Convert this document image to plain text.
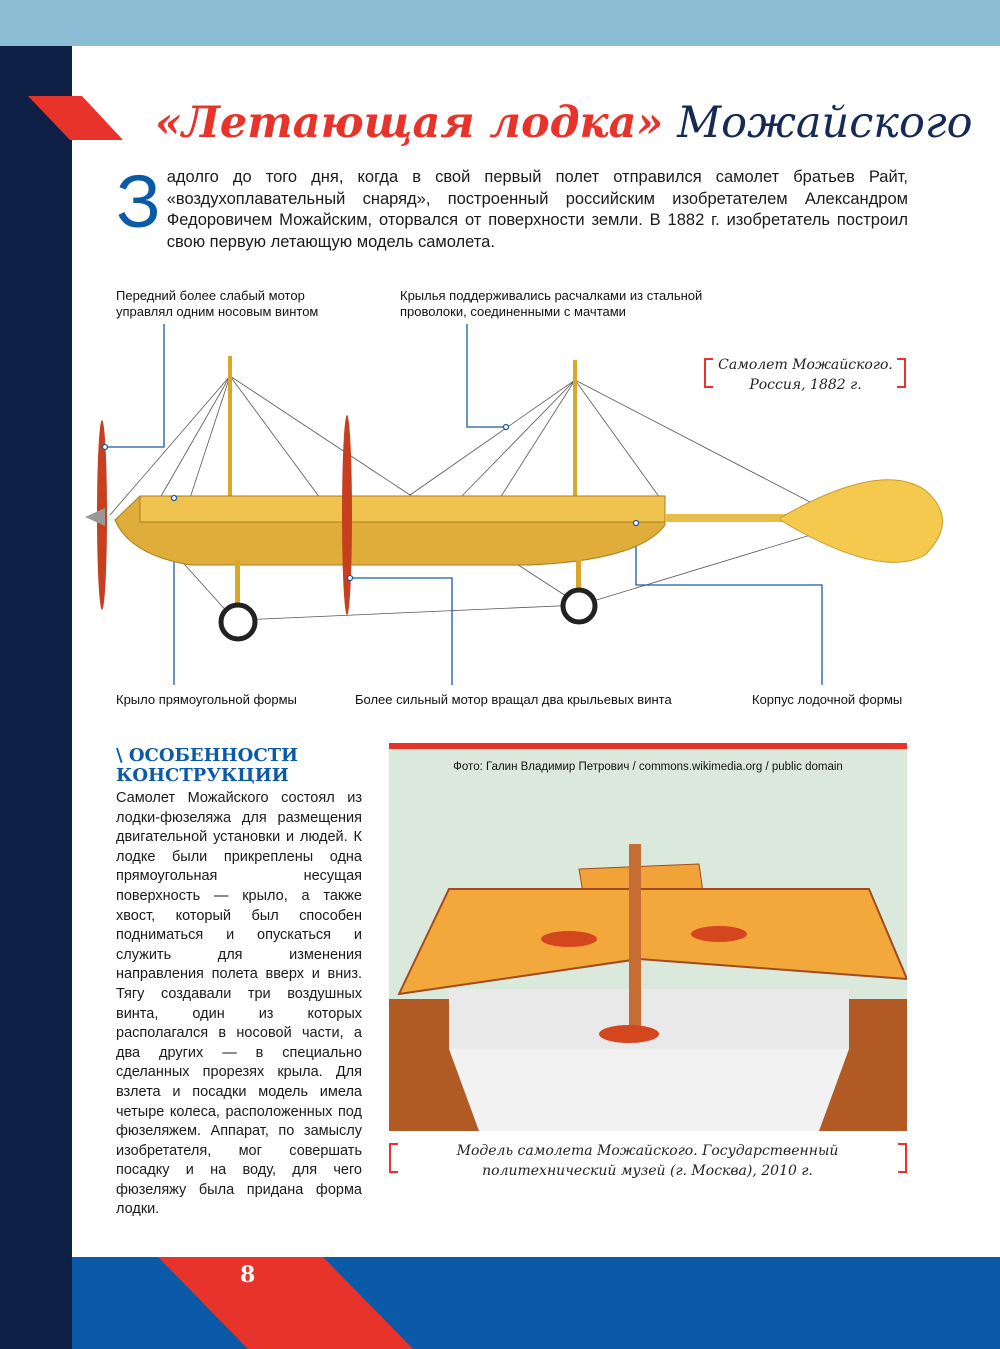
«Летающая лодка» Можайского
З адолго до того дня, когда в свой первый полет отправился самолет братьев Райт, «воздухоплавательный снаряд», построенный российским изобретателем Александром Федоровичем Можайским, оторвался от поверхности земли. В 1882 г. изобретатель построил свою первую летающую модель самолета.
Передний более слабый мотор управлял одним носовым винтом
Крылья поддерживались расчалками из стальной проволоки, соединенными с мачтами
Крыло прямоугольной формы	Более сильный мотор вращал два крыльевых винта	Корпус лодочной формы
Самолет Можайского. Россия, 1882 г.
\ ОСОБЕННОСТИ КОНСТРУКЦИИ
Самолет Можайского состоял из лодки-фюзеляжа для размещения двигательной установки и людей. К лодке были прикреплены одна прямоугольная несущая поверхность — крыло, а также хвост, который был способен подниматься и опускаться и служить для изменения направления полета вверх и вниз. Тягу создавали три воздушных винта, один из которых располагался в носовой части, а два других — в специально сделанных прорезях крыла. Для взлета и посадки модель имела четыре колеса, расположенных под фюзеляжем. Аппарат, по замыслу изобретателя, мог совершать посадку и на воду, для чего фюзеляжу была придана форма лодки.
Фото: Галин Владимир Петрович / commons.wikimedia.org / public domain
Модель самолета Можайского. Государственный политехнический музей (г. Москва), 2010 г.
8
